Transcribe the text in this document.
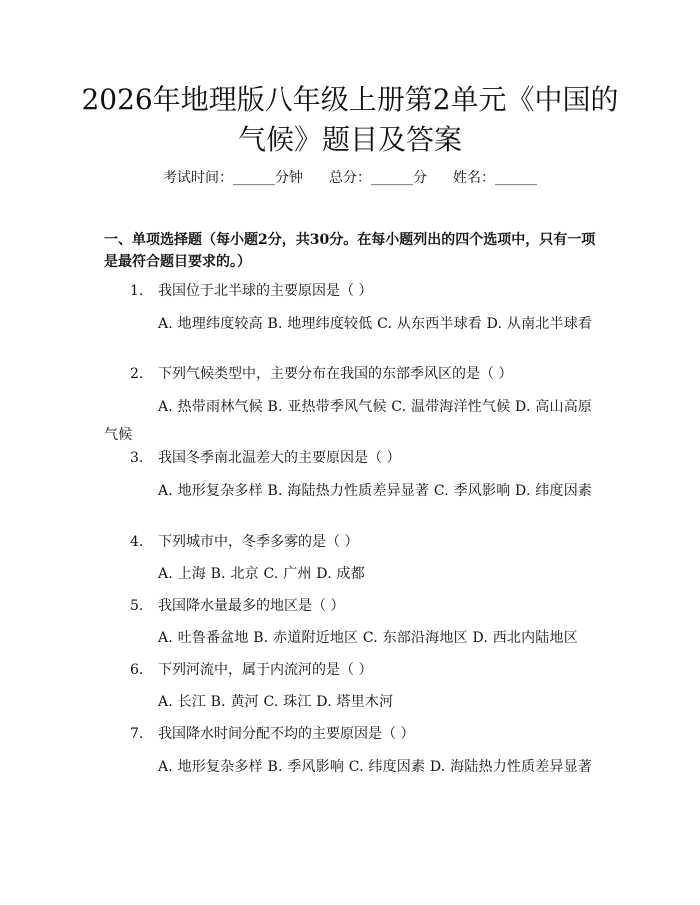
2026年地理版八年级上册第2单元《中国的
气候》题目及答案
考试时间：______分钟 总分：______分 姓名：______
一、单项选择题（每小题2分，共30分。在每小题列出的四个选项中，只有一项是最符合题目要求的。）
1. 我国位于北半球的主要原因是（ ）
A. 地理纬度较高 B. 地理纬度较低 C. 从东西半球看 D. 从南北半球看
2. 下列气候类型中，主要分布在我国的东部季风区的是（ ）
A. 热带雨林气候 B. 亚热带季风气候 C. 温带海洋性气候 D. 高山高原气候
3. 我国冬季南北温差大的主要原因是（ ）
A. 地形复杂多样 B. 海陆热力性质差异显著 C. 季风影响 D. 纬度因素
4. 下列城市中，冬季多雾的是（ ）
A. 上海 B. 北京 C. 广州 D. 成都
5. 我国降水量最多的地区是（ ）
A. 吐鲁番盆地 B. 赤道附近地区 C. 东部沿海地区 D. 西北内陆地区
6. 下列河流中，属于内流河的是（ ）
A. 长江 B. 黄河 C. 珠江 D. 塔里木河
7. 我国降水时间分配不均的主要原因是（ ）
A. 地形复杂多样 B. 季风影响 C. 纬度因素 D. 海陆热力性质差异显著
